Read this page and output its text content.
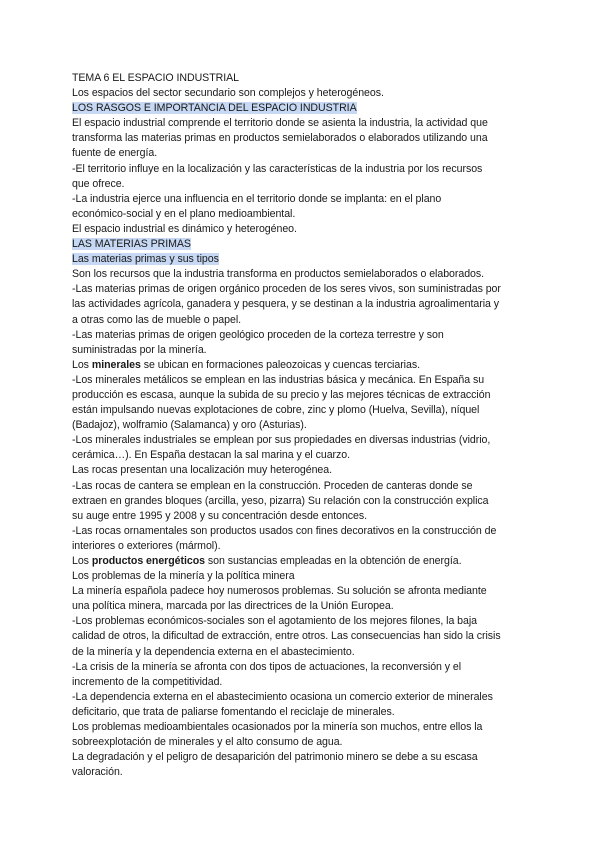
TEMA 6 EL ESPACIO INDUSTRIAL
Los espacios del sector secundario son complejos y heterogéneos.
LOS RASGOS E IMPORTANCIA DEL ESPACIO INDUSTRIA
El espacio industrial comprende el territorio donde se asienta la industria, la actividad que
transforma las materias primas en productos semielaborados o elaborados utilizando una
fuente de energía.
-El territorio influye en la localización y las características de la industria por los recursos
que ofrece.
-La industria ejerce una influencia en el territorio donde se implanta: en el plano
económico-social y en el plano medioambiental.
El espacio industrial es dinámico y heterogéneo.
LAS MATERIAS PRIMAS
Las materias primas y sus tipos
Son los recursos que la industria transforma en productos semielaborados o elaborados.
-Las materias primas de origen orgánico proceden de los seres vivos, son suministradas por
las actividades agrícola, ganadera y pesquera, y se destinan a la industria agroalimentaria y
a otras como las de mueble o papel.
-Las materias primas de origen geológico proceden de la corteza terrestre y son
suministradas por la minería.
Los minerales se ubican en formaciones paleozoicas y cuencas terciarias.
-Los minerales metálicos se emplean en las industrias básica y mecánica. En España su
producción es escasa, aunque la subida de su precio y las mejores técnicas de extracción
están impulsando nuevas explotaciones de cobre, zinc y plomo (Huelva, Sevilla), níquel
(Badajoz), wolframio (Salamanca) y oro (Asturias).
-Los minerales industriales se emplean por sus propiedades en diversas industrias (vidrio,
cerámica…). En España destacan la sal marina y el cuarzo.
Las rocas presentan una localización muy heterogénea.
-Las rocas de cantera se emplean en la construcción. Proceden de canteras donde se
extraen en grandes bloques (arcilla, yeso, pizarra) Su relación con la construcción explica
su auge entre 1995 y 2008 y su concentración desde entonces.
-Las rocas ornamentales son productos usados con fines decorativos en la construcción de
interiores o exteriores (mármol).
Los productos energéticos son sustancias empleadas en la obtención de energía.
Los problemas de la minería y la política minera
La minería española padece hoy numerosos problemas. Su solución se afronta mediante
una política minera, marcada por las directrices de la Unión Europea.
-Los problemas económicos-sociales son el agotamiento de los mejores filones, la baja
calidad de otros, la dificultad de extracción, entre otros. Las consecuencias han sido la crisis
de la minería y la dependencia externa en el abastecimiento.
-La crisis de la minería se afronta con dos tipos de actuaciones, la reconversión y el
incremento de la competitividad.
-La dependencia externa en el abastecimiento ocasiona un comercio exterior de minerales
deficitario, que trata de paliarse fomentando el reciclaje de minerales.
Los problemas medioambientales ocasionados por la minería son muchos, entre ellos la
sobreexplotación de minerales y el alto consumo de agua.
La degradación y el peligro de desaparición del patrimonio minero se debe a su escasa
valoración.
